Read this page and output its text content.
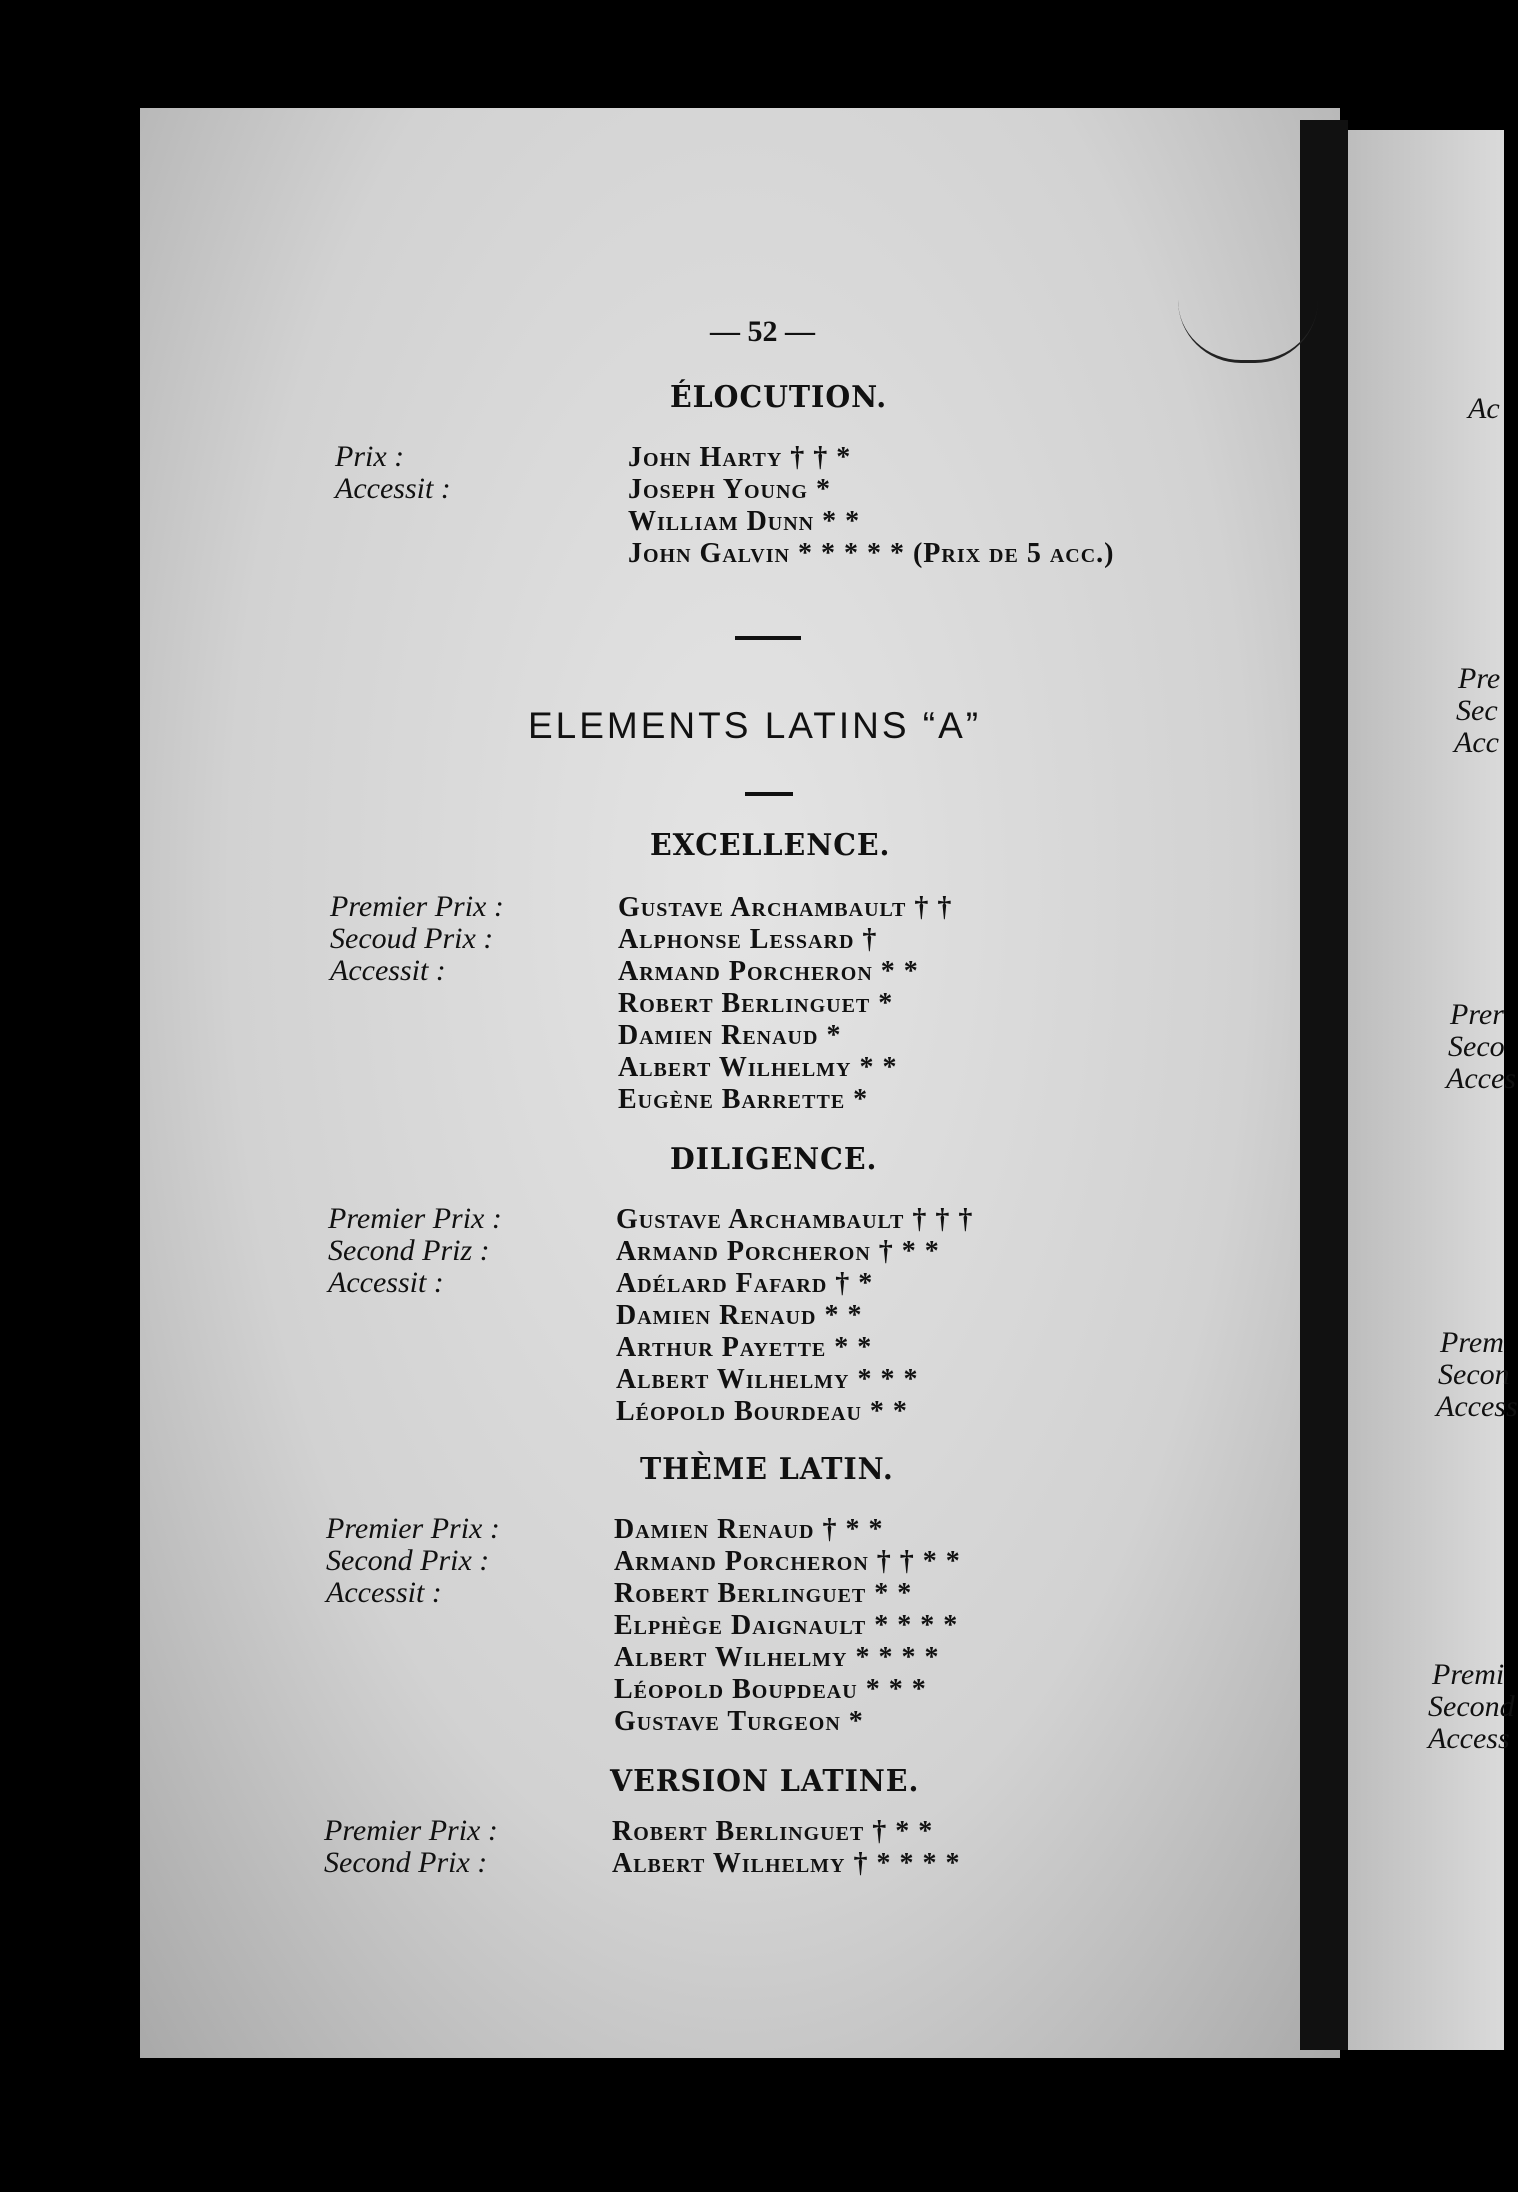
Ac
Pre
Sec
Acc
Prer
Seco
Acces
Prem
Secon
Access
Premi
Second
Access
— 52 —
ÉLOCUTION.
Prix :
Accessit :
John Harty † † *
Joseph Young *
William Dunn * *
John Galvin * * * * * (Prix de 5 acc.)
ELEMENTS LATINS “A”
EXCELLENCE.
Premier Prix :
Secoud Prix :
Accessit :
Gustave Archambault † †
Alphonse Lessard †
Armand Porcheron * *
Robert Berlinguet *
Damien Renaud *
Albert Wilhelmy * *
Eugène Barrette *
DILIGENCE.
Premier Prix :
Second Priz :
Accessit :
Gustave Archambault † † †
Armand Porcheron † * *
Adélard Fafard † *
Damien Renaud * *
Arthur Payette * *
Albert Wilhelmy * * *
Léopold Bourdeau * *
THÈME LATIN.
Premier Prix :
Second Prix :
Accessit :
Damien Renaud † * *
Armand Porcheron † † * *
Robert Berlinguet * *
Elphège Daignault * * * *
Albert Wilhelmy * * * *
Léopold Boupdeau * * *
Gustave Turgeon *
VERSION LATINE.
Premier Prix :
Second Prix :
Robert Berlinguet † * *
Albert Wilhelmy † * * * *
